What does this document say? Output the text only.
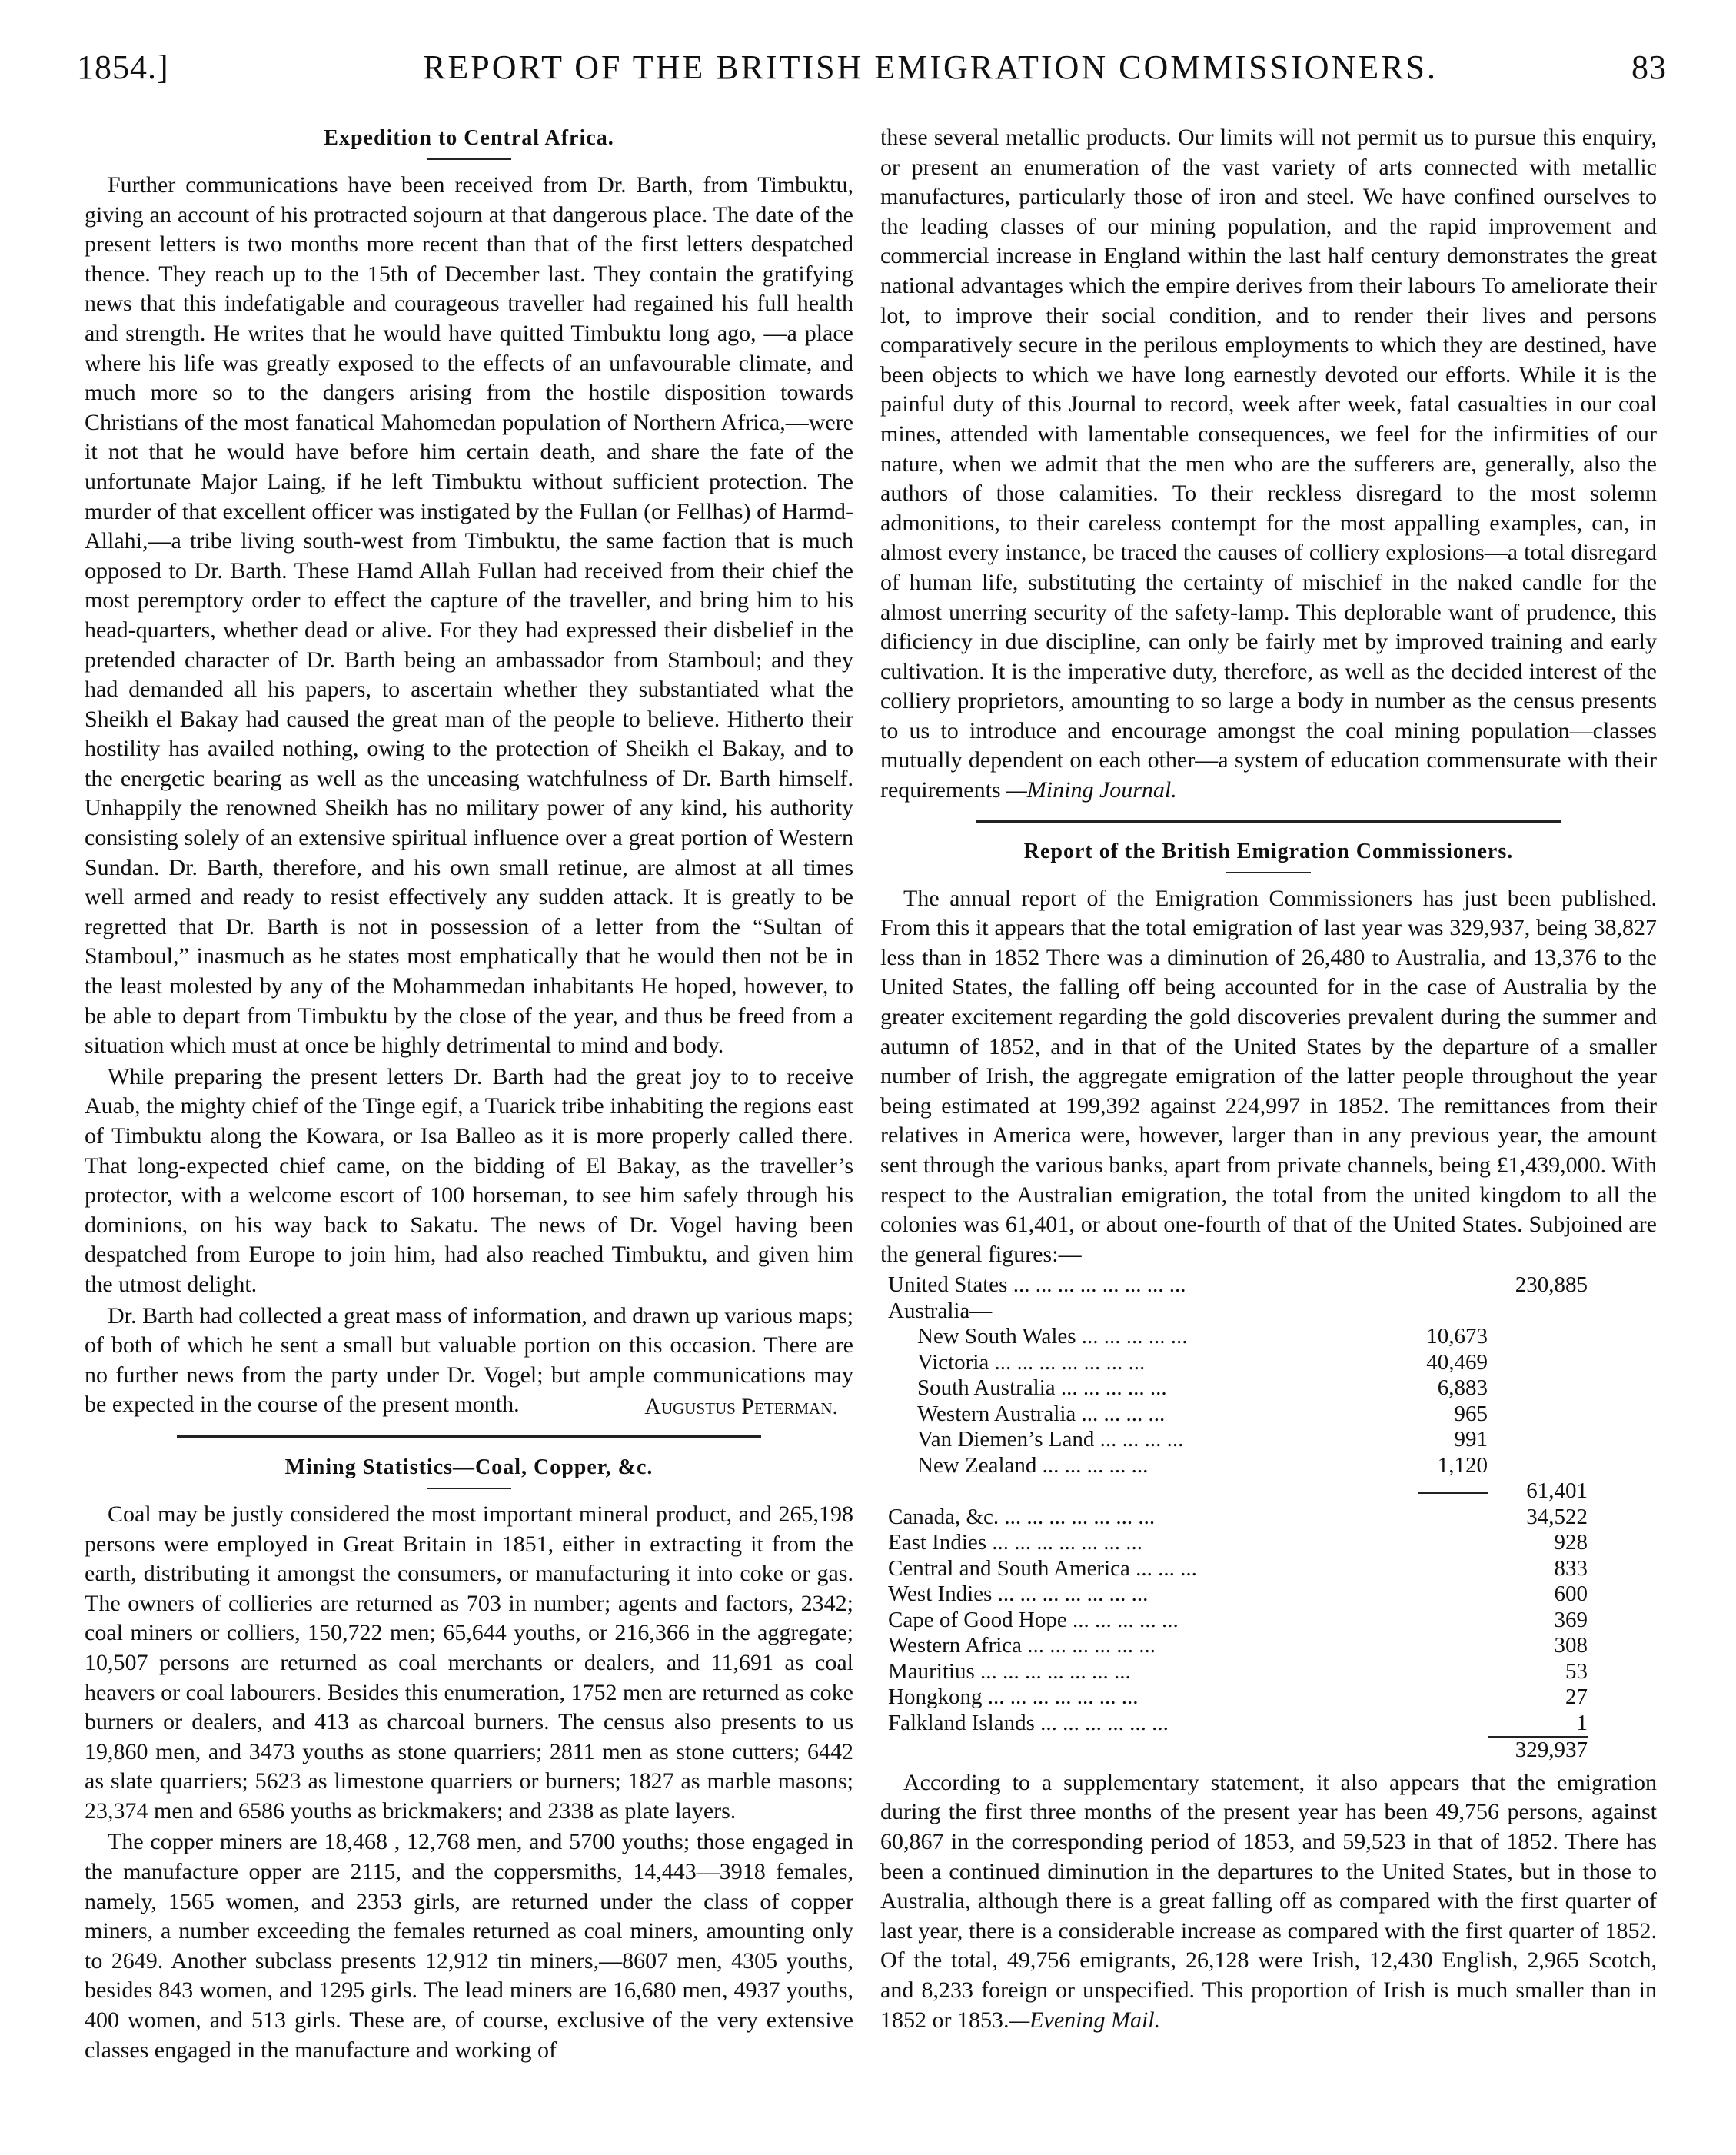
1854.]	REPORT OF THE BRITISH EMIGRATION COMMISSIONERS.	83
Expedition to Central Africa.

Further communications have been received from Dr. Barth, from Timbuktu, giving an account of his protracted sojourn at that dangerous place. The date of the present letters is two months more recent than that of the first letters despatched thence. They reach up to the 15th of December last. They contain the gratifying news that this indefatigable and courageous traveller had regained his full health and strength. He writes that he would have quitted Timbuktu long ago, —a place where his life was greatly exposed to the effects of an unfavourable climate, and much more so to the dangers arising from the hostile disposition towards Christians of the most fanatical Mahomedan population of Northern Africa,—were it not that he would have before him certain death, and share the fate of the unfortunate Major Laing, if he left Timbuktu without sufficient protection. The murder of that excellent officer was instigated by the Fullan (or Fellhas) of Harmd-Allahi,—a tribe living south-west from Timbuktu, the same faction that is much opposed to Dr. Barth. These Hamd Allah Fullan had received from their chief the most peremptory order to effect the capture of the traveller, and bring him to his head-quarters, whether dead or alive. For they had expressed their disbelief in the pretended character of Dr. Barth being an ambassador from Stamboul; and they had demanded all his papers, to ascertain whether they substantiated what the Sheikh el Bakay had caused the great man of the people to believe. Hitherto their hostility has availed nothing, owing to the protection of Sheikh el Bakay, and to the energetic bearing as well as the unceasing watchfulness of Dr. Barth himself. Unhappily the renowned Sheikh has no military power of any kind, his authority consisting solely of an extensive spiritual influence over a great portion of Western Sundan. Dr. Barth, therefore, and his own small retinue, are almost at all times well armed and ready to resist effectively any sudden attack. It is greatly to be regretted that Dr. Barth is not in possession of a letter from the “Sultan of Stamboul,” inasmuch as he states most emphatically that he would then not be in the least molested by any of the Mohammedan inhabitants He hoped, however, to be able to depart from Timbuktu by the close of the year, and thus be freed from a situation which must at once be highly detrimental to mind and body.

While preparing the present letters Dr. Barth had the great joy to to receive Auab, the mighty chief of the Tinge egif, a Tuarick tribe inhabiting the regions east of Timbuktu along the Kowara, or Isa Balleo as it is more properly called there. That long-expected chief came, on the bidding of El Bakay, as the traveller’s protector, with a welcome escort of 100 horseman, to see him safely through his dominions, on his way back to Sakatu. The news of Dr. Vogel having been despatched from Europe to join him, had also reached Timbuktu, and given him the utmost delight.

Dr. Barth had collected a great mass of information, and drawn up various maps; of both of which he sent a small but valuable portion on this occasion. There are no further news from the party under Dr. Vogel; but ample communications may be expected in the course of the present month.	Augustus Peterman.
Mining Statistics—Coal, Copper, &c.

Coal may be justly considered the most important mineral product, and 265,198 persons were employed in Great Britain in 1851, either in extracting it from the earth, distributing it amongst the consumers, or manufacturing it into coke or gas. The owners of collieries are returned as 703 in number; agents and factors, 2342; coal miners or colliers, 150,722 men; 65,644 youths, or 216,366 in the aggregate; 10,507 persons are returned as coal merchants or dealers, and 11,691 as coal heavers or coal labourers. Besides this enumeration, 1752 men are returned as coke burners or dealers, and 413 as charcoal burners. The census also presents to us 19,860 men, and 3473 youths as stone quarriers; 2811 men as stone cutters; 6442 as slate quarriers; 5623 as limestone quarriers or burners; 1827 as marble masons; 23,374 men and 6586 youths as brickmakers; and 2338 as plate layers.

The copper miners are 18,468 , 12,768 men, and 5700 youths; those engaged in the manufacture opper are 2115, and the coppersmiths, 14,443—3918 females, namely, 1565 women, and 2353 girls, are returned under the class of copper miners, a number exceeding the females returned as coal miners, amounting only to 2649. Another subclass presents 12,912 tin miners,—8607 men, 4305 youths, besides 843 women, and 1295 girls. The lead miners are 16,680 men, 4937 youths, 400 women, and 513 girls. These are, of course, exclusive of the very extensive classes engaged in the manufacture and working of

these several metallic products. Our limits will not permit us to pursue this enquiry, or present an enumeration of the vast variety of arts connected with metallic manufactures, particularly those of iron and steel. We have confined ourselves to the leading classes of our mining population, and the rapid improvement and commercial increase in England within the last half century demonstrates the great national advantages which the empire derives from their labours To ameliorate their lot, to improve their social condition, and to render their lives and persons comparatively secure in the perilous employments to which they are destined, have been objects to which we have long earnestly devoted our efforts. While it is the painful duty of this Journal to record, week after week, fatal casualties in our coal mines, attended with lamentable consequences, we feel for the infirmities of our nature, when we admit that the men who are the sufferers are, generally, also the authors of those calamities. To their reckless disregard to the most solemn admonitions, to their careless contempt for the most appalling examples, can, in almost every instance, be traced the causes of colliery explosions—a total disregard of human life, substituting the certainty of mischief in the naked candle for the almost unerring security of the safety-lamp. This deplorable want of prudence, this dificiency in due discipline, can only be fairly met by improved training and early cultivation. It is the imperative duty, therefore, as well as the decided interest of the colliery proprietors, amounting to so large a body in number as the census presents to us to introduce and encourage amongst the coal mining population—classes mutually dependent on each other—a system of education commensurate with their requirements —Mining Journal.

Report of the British Emigration Commissioners.

The annual report of the Emigration Commissioners has just been published. From this it appears that the total emigration of last year was 329,937, being 38,827 less than in 1852 There was a diminution of 26,480 to Australia, and 13,376 to the United States, the falling off being accounted for in the case of Australia by the greater excitement regarding the gold discoveries prevalent during the summer and autumn of 1852, and in that of the United States by the departure of a smaller number of Irish, the aggregate emigration of the latter people throughout the year being estimated at 199,392 against 224,997 in 1852. The remittances from their relatives in America were, however, larger than in any previous year, the amount sent through the various banks, apart from private channels, being £1,439,000. With respect to the Australian emigration, the total from the united kingdom to all the colonies was 61,401, or about one-fourth of that of the United States. Subjoined are the general figures:—

United States ... ... ... ... ... ... ... ...		230,885
Australia—		
New South Wales ... ... ... ... ...	10,673	
Victoria ... ... ... ... ... ... ...	40,469	
South Australia ... ... ... ... ...	6,883	
Western Australia ... ... ... ...	965	
Van Diemen’s Land ... ... ... ...	991	
New Zealand ... ... ... ... ...	1,120	
		61,401
Canada, &c. ... ... ... ... ... ... ...		34,522
East Indies ... ... ... ... ... ... ...		928
Central and South America ... ... ...		833
West Indies ... ... ... ... ... ... ...		600
Cape of Good Hope ... ... ... ... ...		369
Western Africa ... ... ... ... ... ...		308
Mauritius ... ... ... ... ... ... ...		53
Hongkong ... ... ... ... ... ... ...		27
Falkland Islands ... ... ... ... ... ...		1
		329,937

According to a supplementary statement, it also appears that the emigration during the first three months of the present year has been 49,756 persons, against 60,867 in the corresponding period of 1853, and 59,523 in that of 1852. There has been a continued diminution in the departures to the United States, but in those to Australia, although there is a great falling off as compared with the first quarter of last year, there is a considerable increase as compared with the first quarter of 1852. Of the total, 49,756 emigrants, 26,128 were Irish, 12,430 English, 2,965 Scotch, and 8,233 foreign or unspecified. This proportion of Irish is much smaller than in 1852 or 1853.—Evening Mail.
